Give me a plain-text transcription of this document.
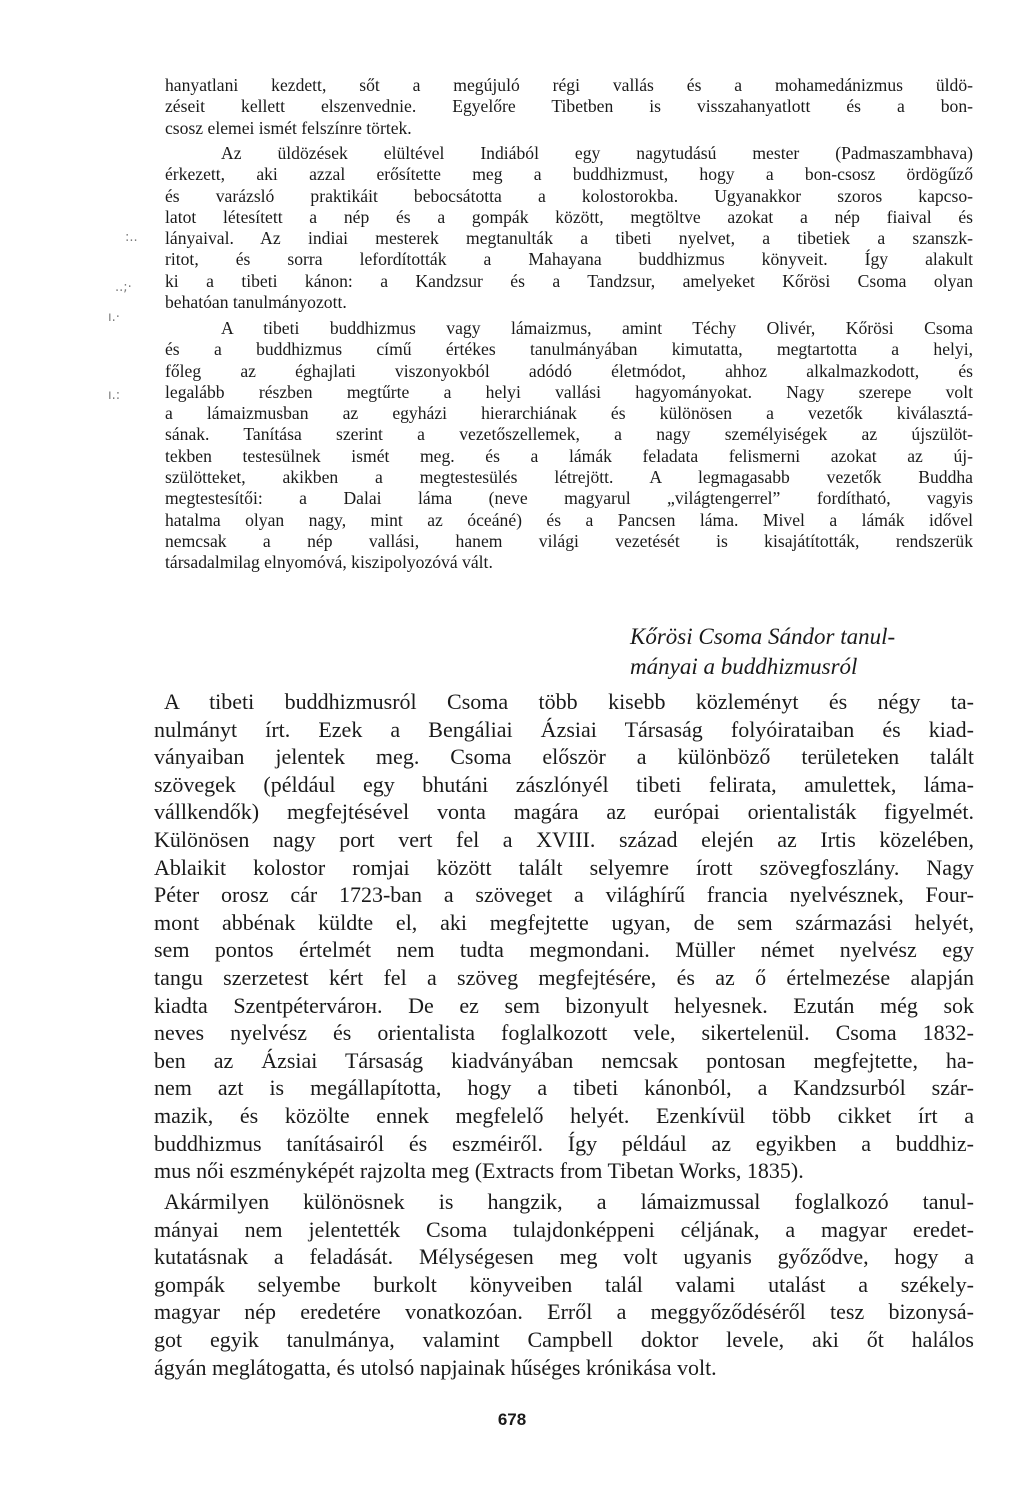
hanyatlani kezdett, sőt a megújuló régi vallás és a mohamedánizmus üldö-
zéseit kellett elszenvednie. Egyelőre Tibetben is visszahanyatlott és a bon-
csosz elemei ismét felszínre törtek.
Az üldözések elültével Indiából egy nagytudású mester (Padmaszambhava)
érkezett, aki azzal erősítette meg a buddhizmust, hogy a bon-csosz ördögűző
és varázsló praktikáit bebocsátotta a kolostorokba. Ugyanakkor szoros kapcso-
latot létesített a nép és a gompák között, megtöltve azokat a nép fiaival és
lányaival. Az indiai mesterek megtanulták a tibeti nyelvet, a tibetiek a szanszk-
ritot, és sorra lefordították a Mahayana buddhizmus könyveit. Így alakult
ki a tibeti kánon: a Kandzsur és a Tandzsur, amelyeket Kőrösi Csoma olyan
behatóan tanulmányozott.
A tibeti buddhizmus vagy lámaizmus, amint Téchy Olivér, Kőrösi Csoma
és a buddhizmus című értékes tanulmányában kimutatta, megtartotta a helyi,
főleg az éghajlati viszonyokból adódó életmódot, ahhoz alkalmazkodott, és
legalább részben megtűrte a helyi vallási hagyományokat. Nagy szerepe volt
a lámaizmusban az egyházi hierarchiának és különösen a vezetők kiválasztá-
sának. Tanítása szerint a vezetőszellemek, a nagy személyiségek az újszülöt-
tekben testesülnek ismét meg. és a lámák feladata felismerni azokat az új-
szülötteket, akikben a megtestesülés létrejött. A legmagasabb vezetők Buddha
megtestesítői: a Dalai láma (neve magyarul „világtengerrel” fordítható, vagyis
hatalma olyan nagy, mint az óceáné) és a Pancsen láma. Mivel a lámák idővel
nemcsak a nép vallási, hanem világi vezetését is kisajátították, rendszerük
társadalmilag elnyomóvá, kiszipolyozóvá vált.
Kőrösi Csoma Sándor tanul-
mányai a buddhizmusról
A tibeti buddhizmusról Csoma több kisebb közleményt és négy ta-
nulmányt írt. Ezek a Bengáliai Ázsiai Társaság folyóirataiban és kiad-
ványaiban jelentek meg. Csoma először a különböző területeken talált
szövegek (például egy bhutáni zászlónyél tibeti felirata, amulettek, láma-
vállkendők) megfejtésével vonta magára az európai orientalisták figyelmét.
Különösen nagy port vert fel a XVIII. század elején az Irtis közelében,
Ablaikit kolostor romjai között talált selyemre írott szövegfoszlány. Nagy
Péter orosz cár 1723-ban a szöveget a világhírű francia nyelvésznek, Four-
mont abbénak küldte el, aki megfejtette ugyan, de sem származási helyét,
sem pontos értelmét nem tudta megmondani. Müller német nyelvész egy
tangu szerzetest kért fel a szöveg megfejtésére, és az ő értelmezése alapján
kiadta Szentpétervárон. De ez sem bizonyult helyesnek. Ezután még sok
neves nyelvész és orientalista foglalkozott vele, sikertelenül. Csoma 1832-
ben az Ázsiai Társaság kiadványában nemcsak pontosan megfejtette, ha-
nem azt is megállapította, hogy a tibeti kánonból, a Kandzsurból szár-
mazik, és közölte ennek megfelelő helyét. Ezenkívül több cikket írt a
buddhizmus tanításairól és eszméiről. Így például az egyikben a buddhiz-
mus női eszményképét rajzolta meg (Extracts from Tibetan Works, 1835).
Akármilyen különösnek is hangzik, a lámaizmussal foglalkozó tanul-
mányai nem jelentették Csoma tulajdonképpeni céljának, a magyar eredet-
kutatásnak a feladását. Mélységesen meg volt ugyanis győződve, hogy a
gompák selyembe burkolt könyveiben talál valami utalást a székely-
magyar nép eredetére vonatkozóan. Erről a meggyőződéséről tesz bizonysá-
got egyik tanulmánya, valamint Campbell doktor levele, aki őt halálos
ágyán meglátogatta, és utolsó napjainak hűséges krónikása volt.
678
:..
..;·
ı.·
ı.:
